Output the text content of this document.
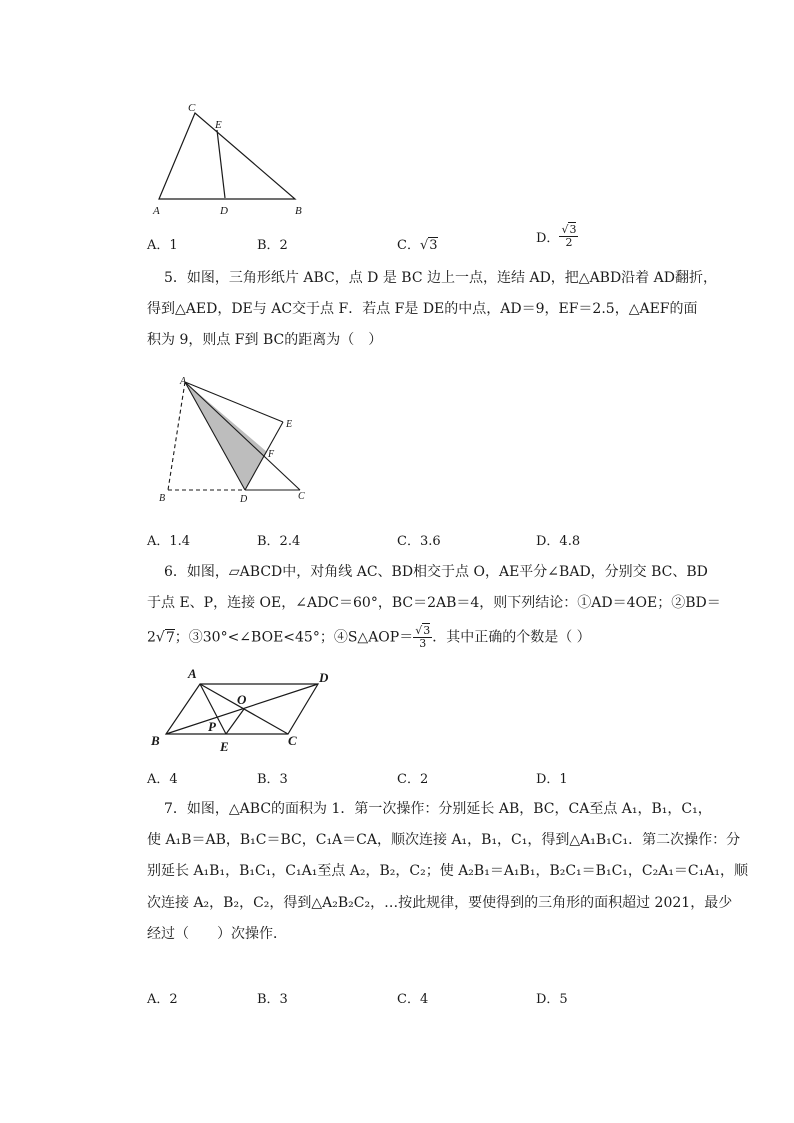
C
E
A	D	B
A．1	B．2	C．√3	D． $\frac{√3}{2}$
5．如图，三角形纸片 ABC，点 D 是 BC 边上一点，连结 AD，把△ABD沿着 AD翻折，
得到△AED，DE与 AC交于点 F．若点 F是 DE的中点，AD＝9，EF＝2.5，△AEF的面
积为 9，则点 F到 BC的距离为（　）
A
E
F
B	D	C
A．1.4	B．2.4	C．3.6	D．4.8
6．如图，▱ABCD中，对角线 AC、BD相交于点 O，AE平分∠BAD，分别交 BC、BD
于点 E、P，连接 OE，∠ADC＝60°，BC＝2AB＝4，则下列结论：①AD＝4OE；②BD＝
2√7；③30°<∠BOE<45°；④S△AOP＝ $\frac{√3}{3}$ ．其中正确的个数是（ ）
A	D
O
P
B	E	C
A．4	B．3	C．2	D．1
7．如图，△ABC的面积为 1．第一次操作：分别延长 AB，BC，CA至点 A₁，B₁，C₁，
使 A₁B＝AB，B₁C＝BC，C₁A＝CA，顺次连接 A₁，B₁，C₁，得到△A₁B₁C₁．第二次操作：分
别延长 A₁B₁，B₁C₁，C₁A₁至点 A₂，B₂，C₂；使 A₂B₁＝A₁B₁，B₂C₁＝B₁C₁，C₂A₁＝C₁A₁，顺
次连接 A₂，B₂，C₂，得到△A₂B₂C₂，…按此规律，要使得到的三角形的面积超过 2021，最少
经过（　　）次操作．
A．2	B．3	C．4	D．5
